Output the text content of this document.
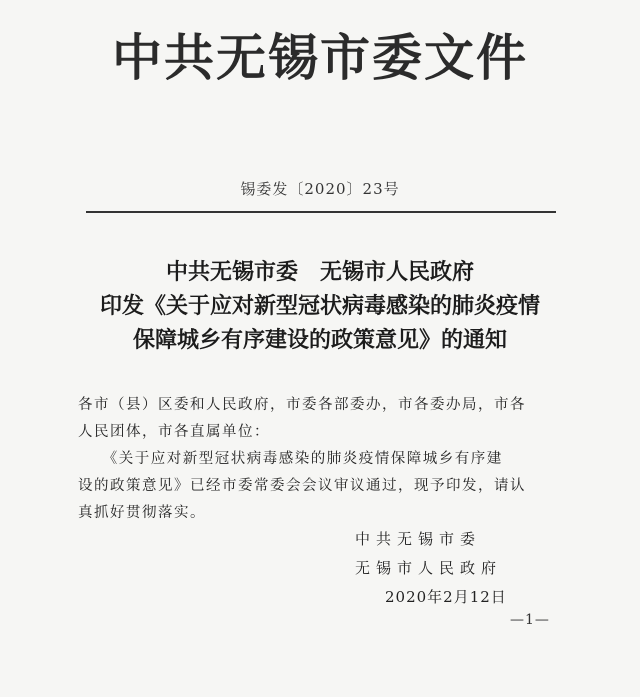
中共无锡市委文件
锡委发〔2020〕23号
中共无锡市委　无锡市人民政府
印发《关于应对新型冠状病毒感染的肺炎疫情
保障城乡有序建设的政策意见》的通知
各市（县）区委和人民政府，市委各部委办，市各委办局，市各
人民团体，市各直属单位：
　　《关于应对新型冠状病毒感染的肺炎疫情保障城乡有序建
设的政策意见》已经市委常委会会议审议通过，现予印发，请认
真抓好贯彻落实。
中共无锡市委
无锡市人民政府
2020年2月12日
—1—
